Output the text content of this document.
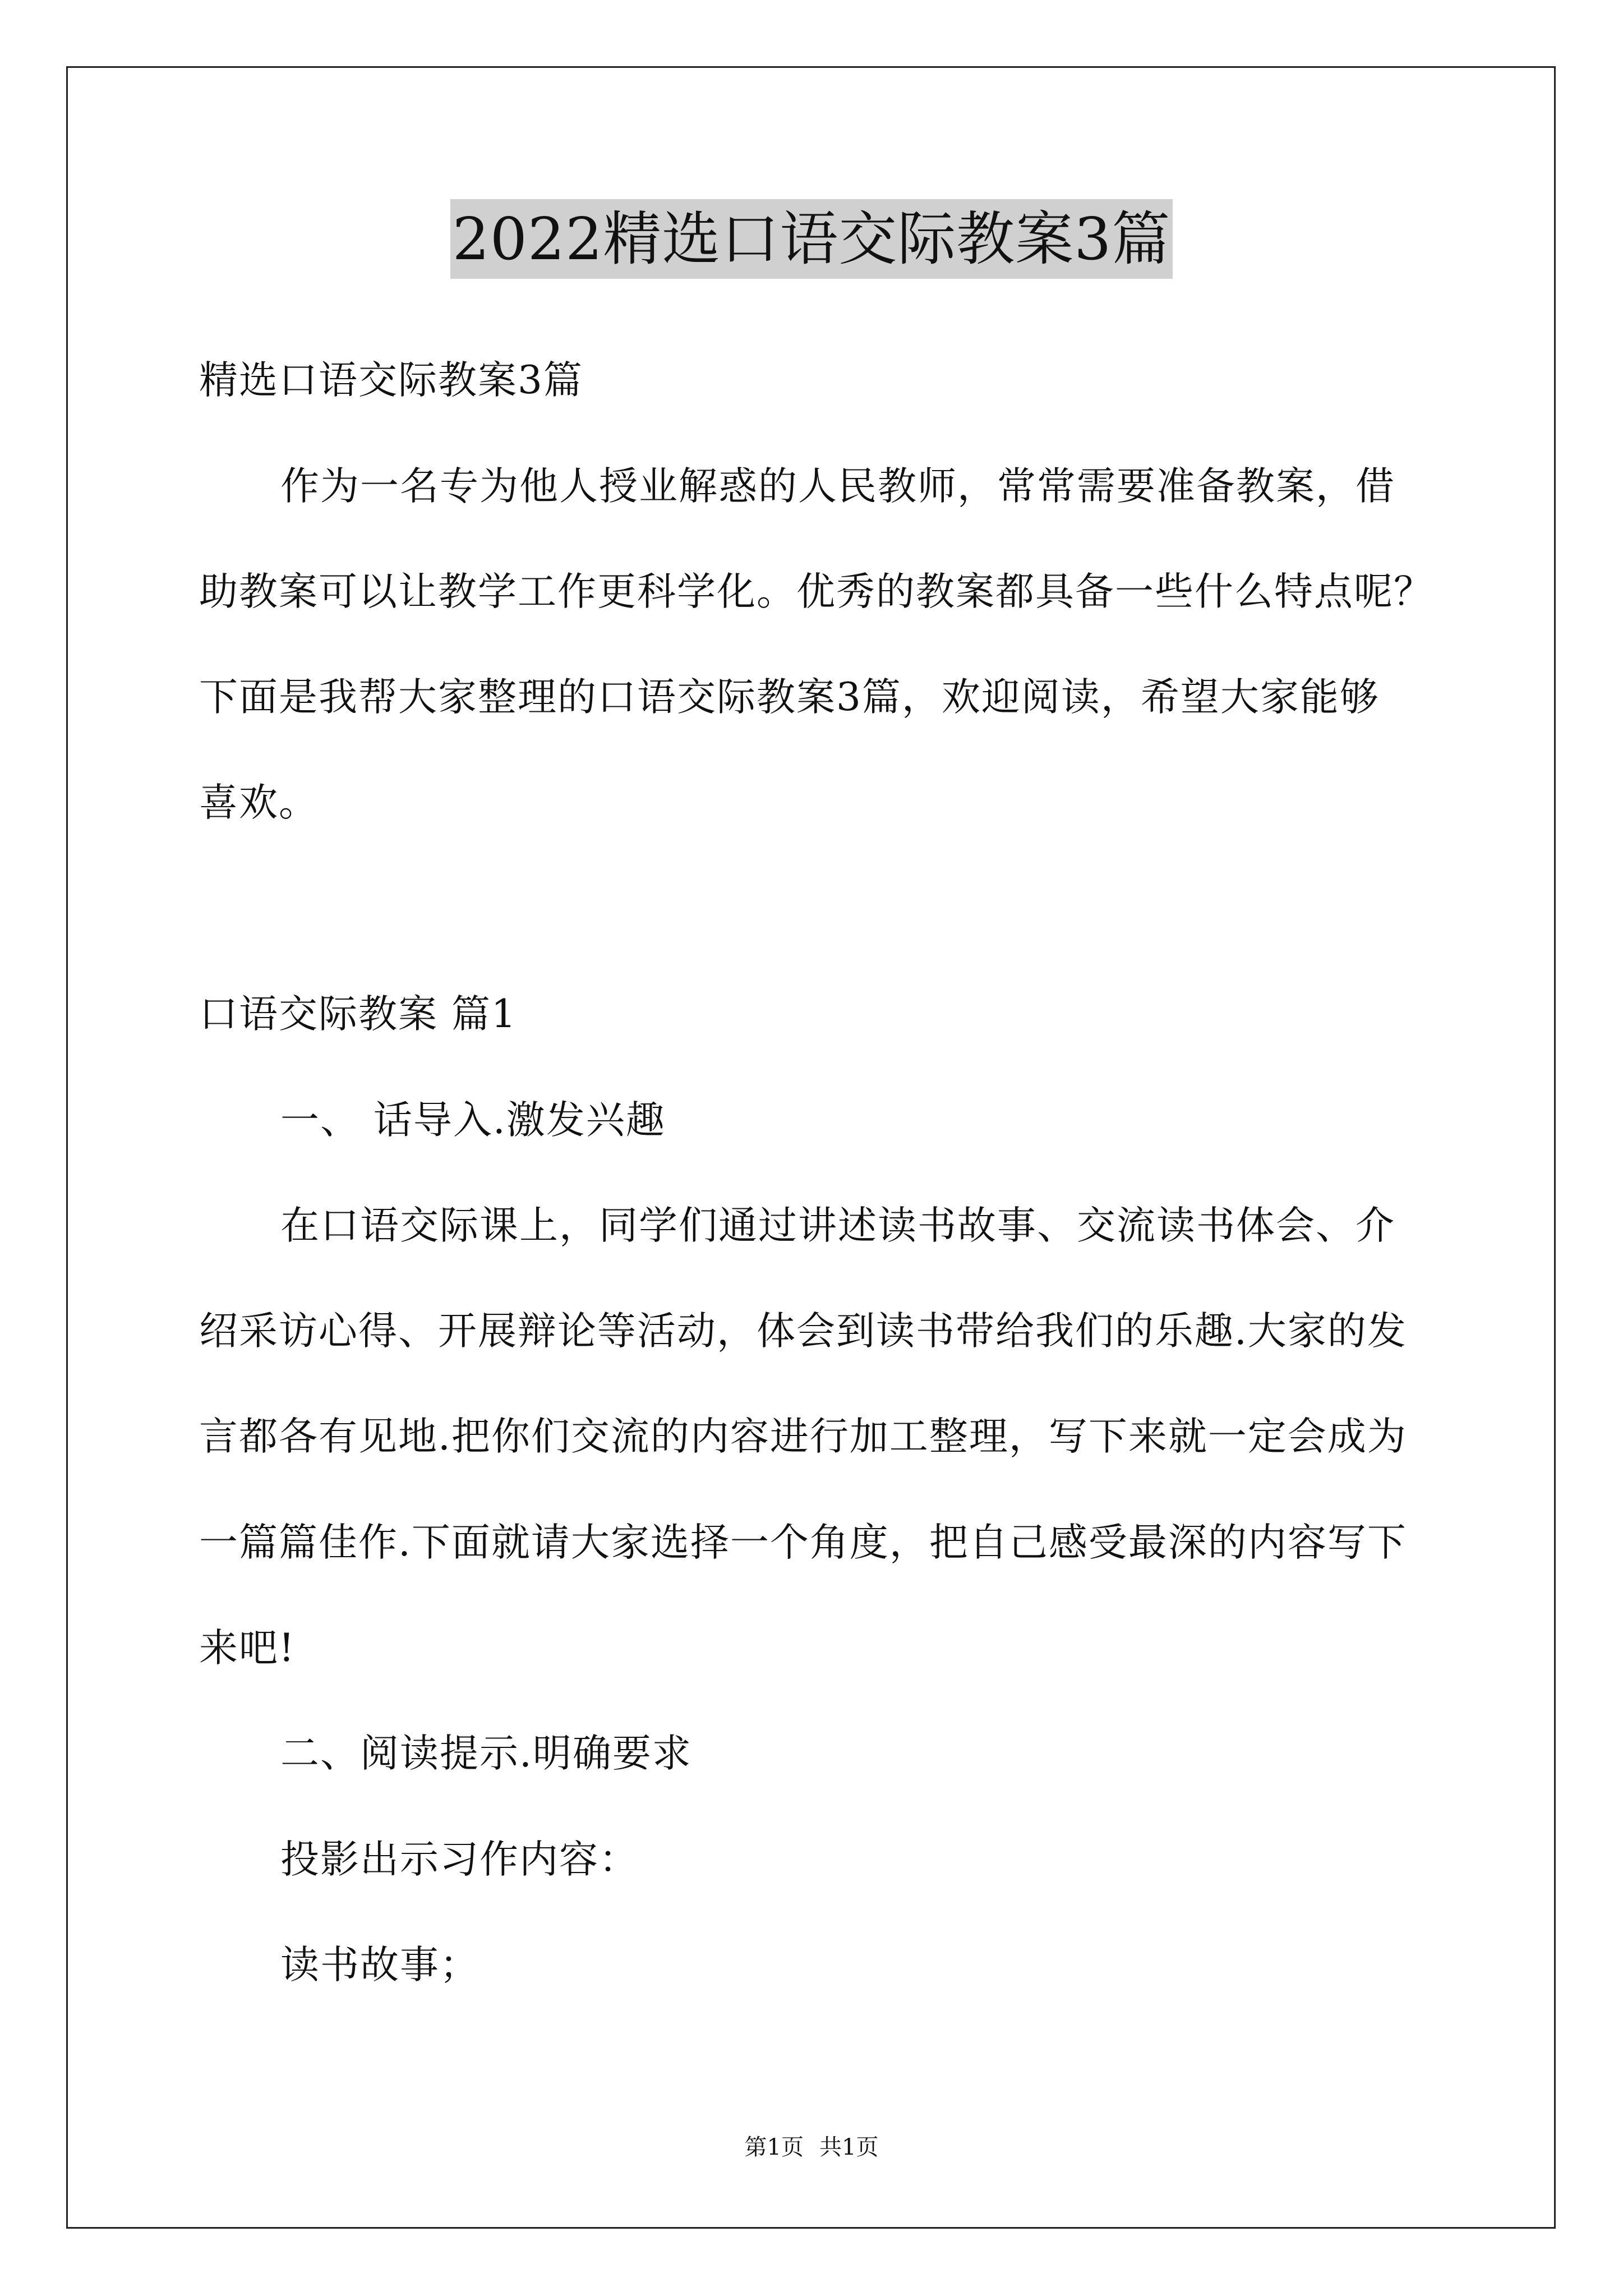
2022精选口语交际教案3篇
精选口语交际教案3篇
作为一名专为他人授业解惑的人民教师，常常需要准备教案，借
助教案可以让教学工作更科学化。优秀的教案都具备一些什么特点呢？
下面是我帮大家整理的口语交际教案3篇，欢迎阅读，希望大家能够
喜欢。
口语交际教案 篇1
一、 话导入.激发兴趣
在口语交际课上，同学们通过讲述读书故事、交流读书体会、介
绍采访心得、开展辩论等活动，体会到读书带给我们的乐趣.大家的发
言都各有见地.把你们交流的内容进行加工整理，写下来就一定会成为
一篇篇佳作.下面就请大家选择一个角度，把自己感受最深的内容写下
来吧!
二、阅读提示.明确要求
投影出示习作内容：
读书故事；
第1页 共1页
